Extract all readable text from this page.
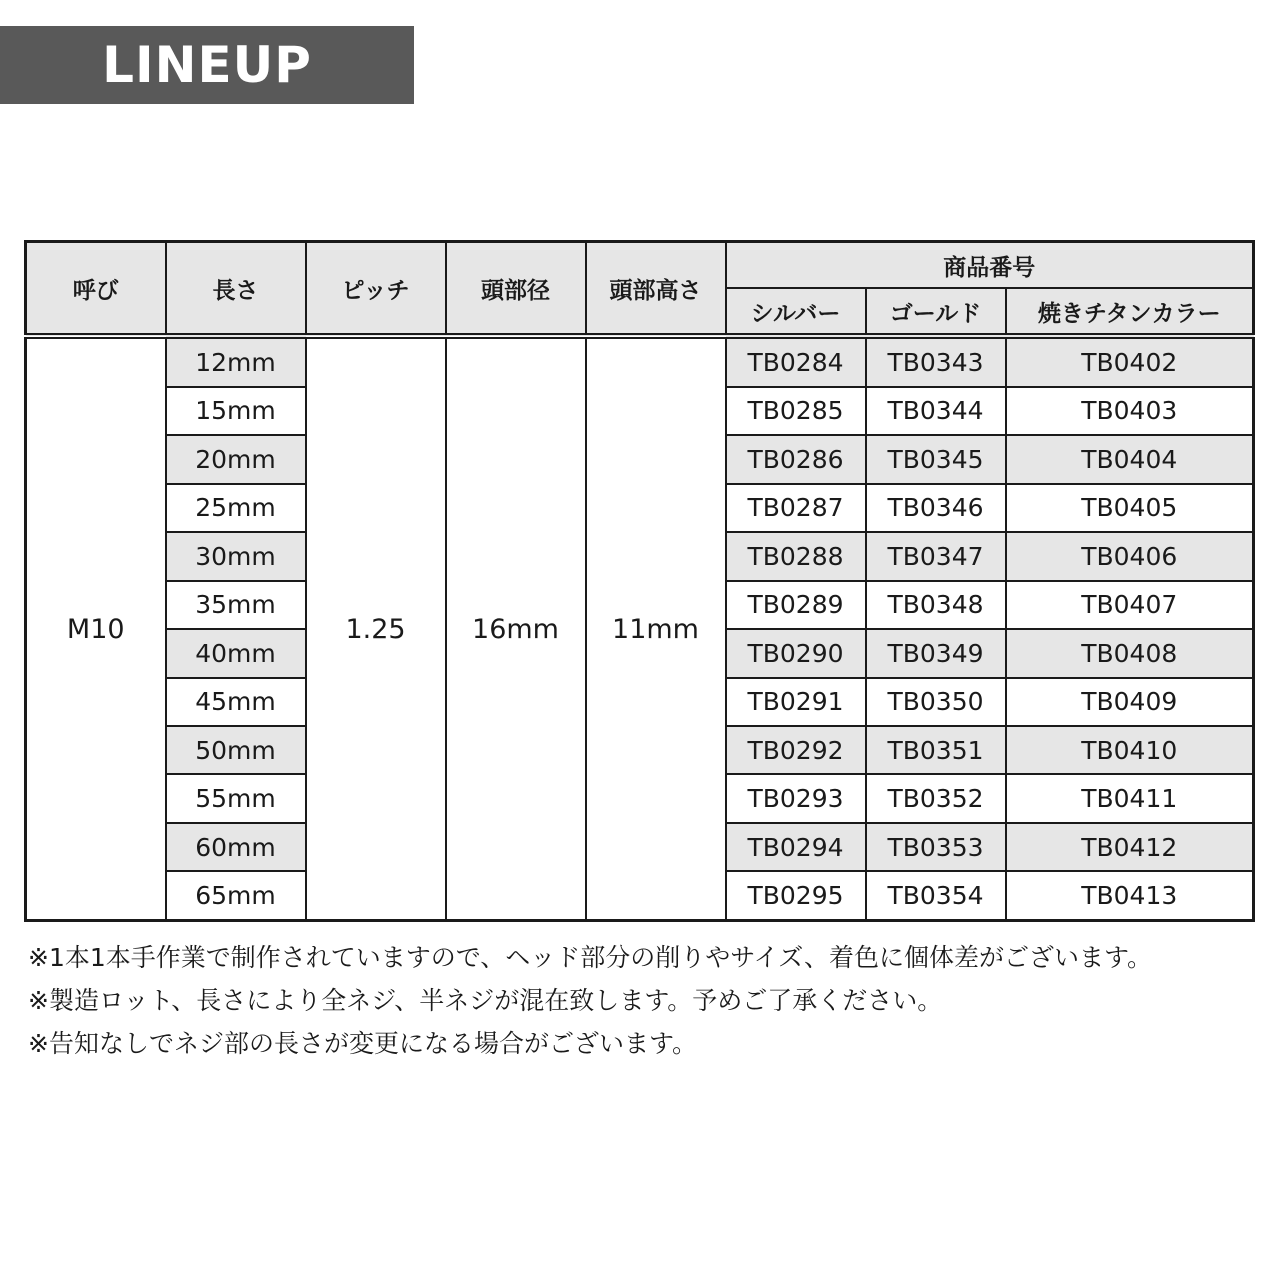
LINEUP
呼び	長さ	ピッチ	頭部径	頭部高さ	商品番号		
					シルバー	ゴールド	焼きチタンカラー
M10	12mm	1.25	16mm	11mm	TB0284	TB0343	TB0402
	15mm				TB0285	TB0344	TB0403
	20mm				TB0286	TB0345	TB0404
	25mm				TB0287	TB0346	TB0405
	30mm				TB0288	TB0347	TB0406
	35mm				TB0289	TB0348	TB0407
	40mm				TB0290	TB0349	TB0408
	45mm				TB0291	TB0350	TB0409
	50mm				TB0292	TB0351	TB0410
	55mm				TB0293	TB0352	TB0411
	60mm				TB0294	TB0353	TB0412
	65mm				TB0295	TB0354	TB0413
※1本1本手作業で制作されていますので、ヘッド部分の削りやサイズ、着色に個体差がございます。
※製造ロット、長さにより全ネジ、半ネジが混在致します。予めご了承ください。
※告知なしでネジ部の長さが変更になる場合がございます。
